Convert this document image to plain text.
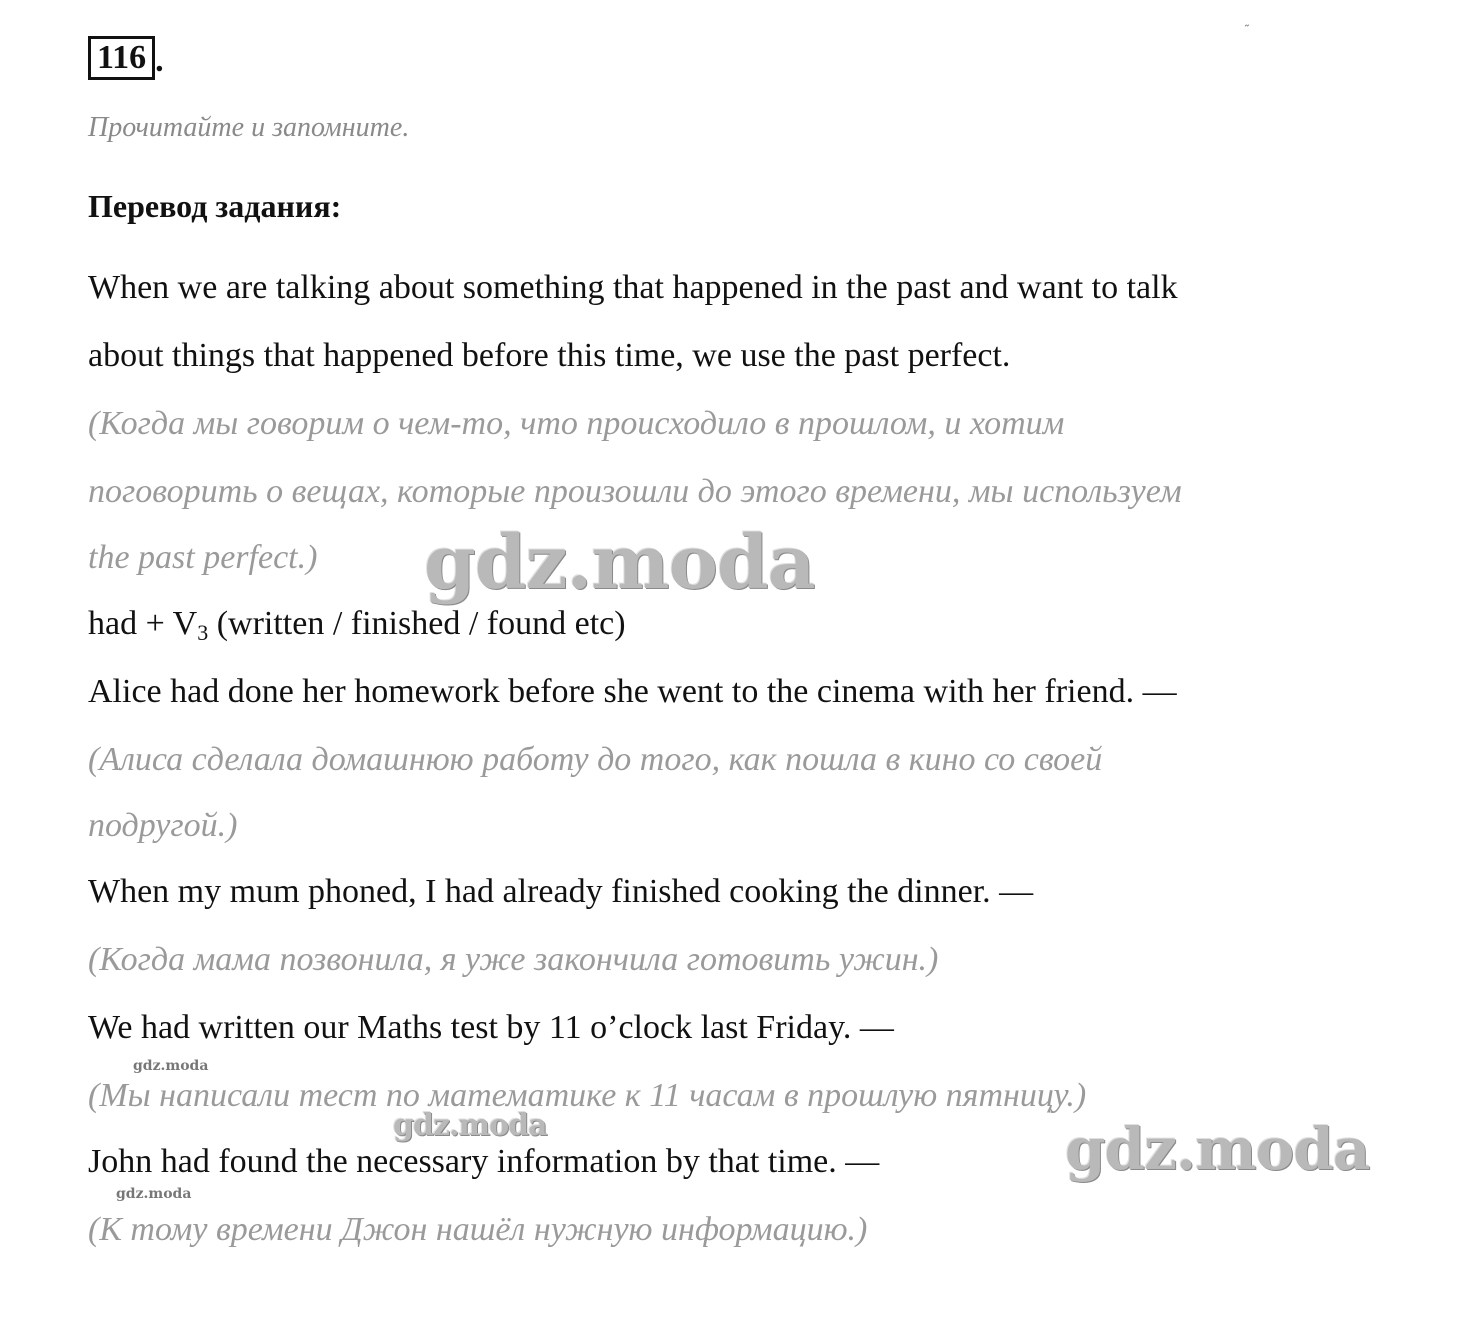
˝
116 .
Прочитайте и запомните.
Перевод задания:
When we are talking about something that happened in the past and want to talk
about things that happened before this time, we use the past perfect.
(Когда мы говорим о чем-то, что происходило в прошлом, и хотим
поговорить о вещах, которые произошли до этого времени, мы используем
the past perfect.)
had + $V_3$ (written / finished / found etc)
Alice had done her homework before she went to the cinema with her friend. —
(Алиса сделала домашнюю работу до того, как пошла в кино со своей
подругой.)
When my mum phoned, I had already finished cooking the dinner. —
(Когда мама позвонила, я уже закончила готовить ужин.)
We had written our Maths test by 11 o’clock last Friday. —
(Мы написали тест по математике к 11 часам в прошлую пятницу.)
John had found the necessary information by that time. —
(К тому времени Джон нашёл нужную информацию.)
gdz.moda
gdz.moda	gdz.moda
gdz.moda
gdz.moda
